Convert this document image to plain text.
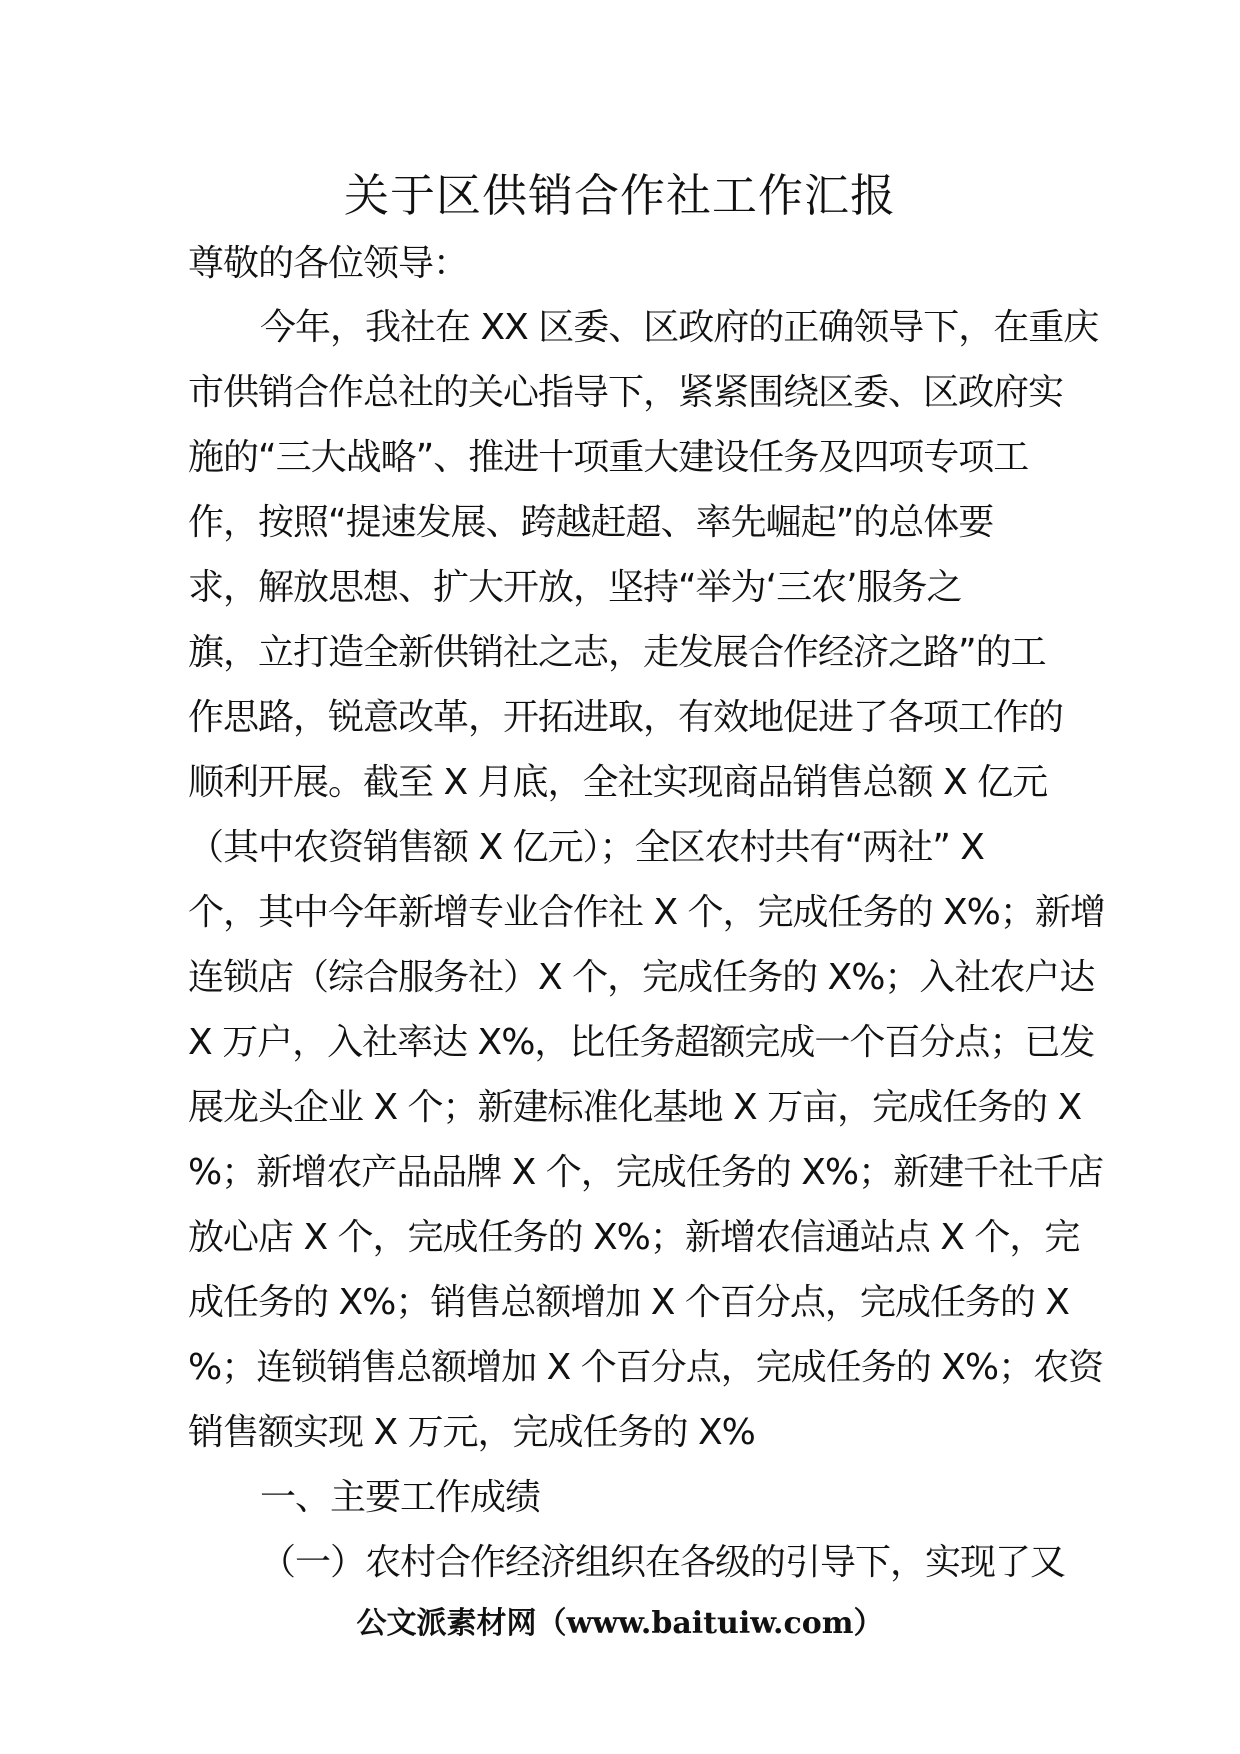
关于区供销合作社工作汇报
尊敬的各位领导：
今年，我社在 XX 区委、区政府的正确领导下，在重庆
市供销合作总社的关心指导下，紧紧围绕区委、区政府实
施的“三大战略”、推进十项重大建设任务及四项专项工
作，按照“提速发展、跨越赶超、率先崛起”的总体要
求，解放思想、扩大开放，坚持“举为‘三农’服务之
旗，立打造全新供销社之志，走发展合作经济之路”的工
作思路，锐意改革，开拓进取，有效地促进了各项工作的
顺利开展。截至 X 月底，全社实现商品销售总额 X 亿元
（其中农资销售额 X 亿元）；全区农村共有“两社” X
个，其中今年新增专业合作社 X 个，完成任务的 X%；新增
连锁店（综合服务社）X 个，完成任务的 X%；入社农户达
X 万户，入社率达 X%，比任务超额完成一个百分点；已发
展龙头企业 X 个；新建标准化基地 X 万亩，完成任务的 X
%；新增农产品品牌 X 个，完成任务的 X%；新建千社千店
放心店 X 个，完成任务的 X%；新增农信通站点 X 个，完
成任务的 X%；销售总额增加 X 个百分点，完成任务的 X
%；连锁销售总额增加 X 个百分点，完成任务的 X%；农资
销售额实现 X 万元，完成任务的 X%
一、主要工作成绩
（一）农村合作经济组织在各级的引导下，实现了又
公文派素材网（www.baituiw.com）
